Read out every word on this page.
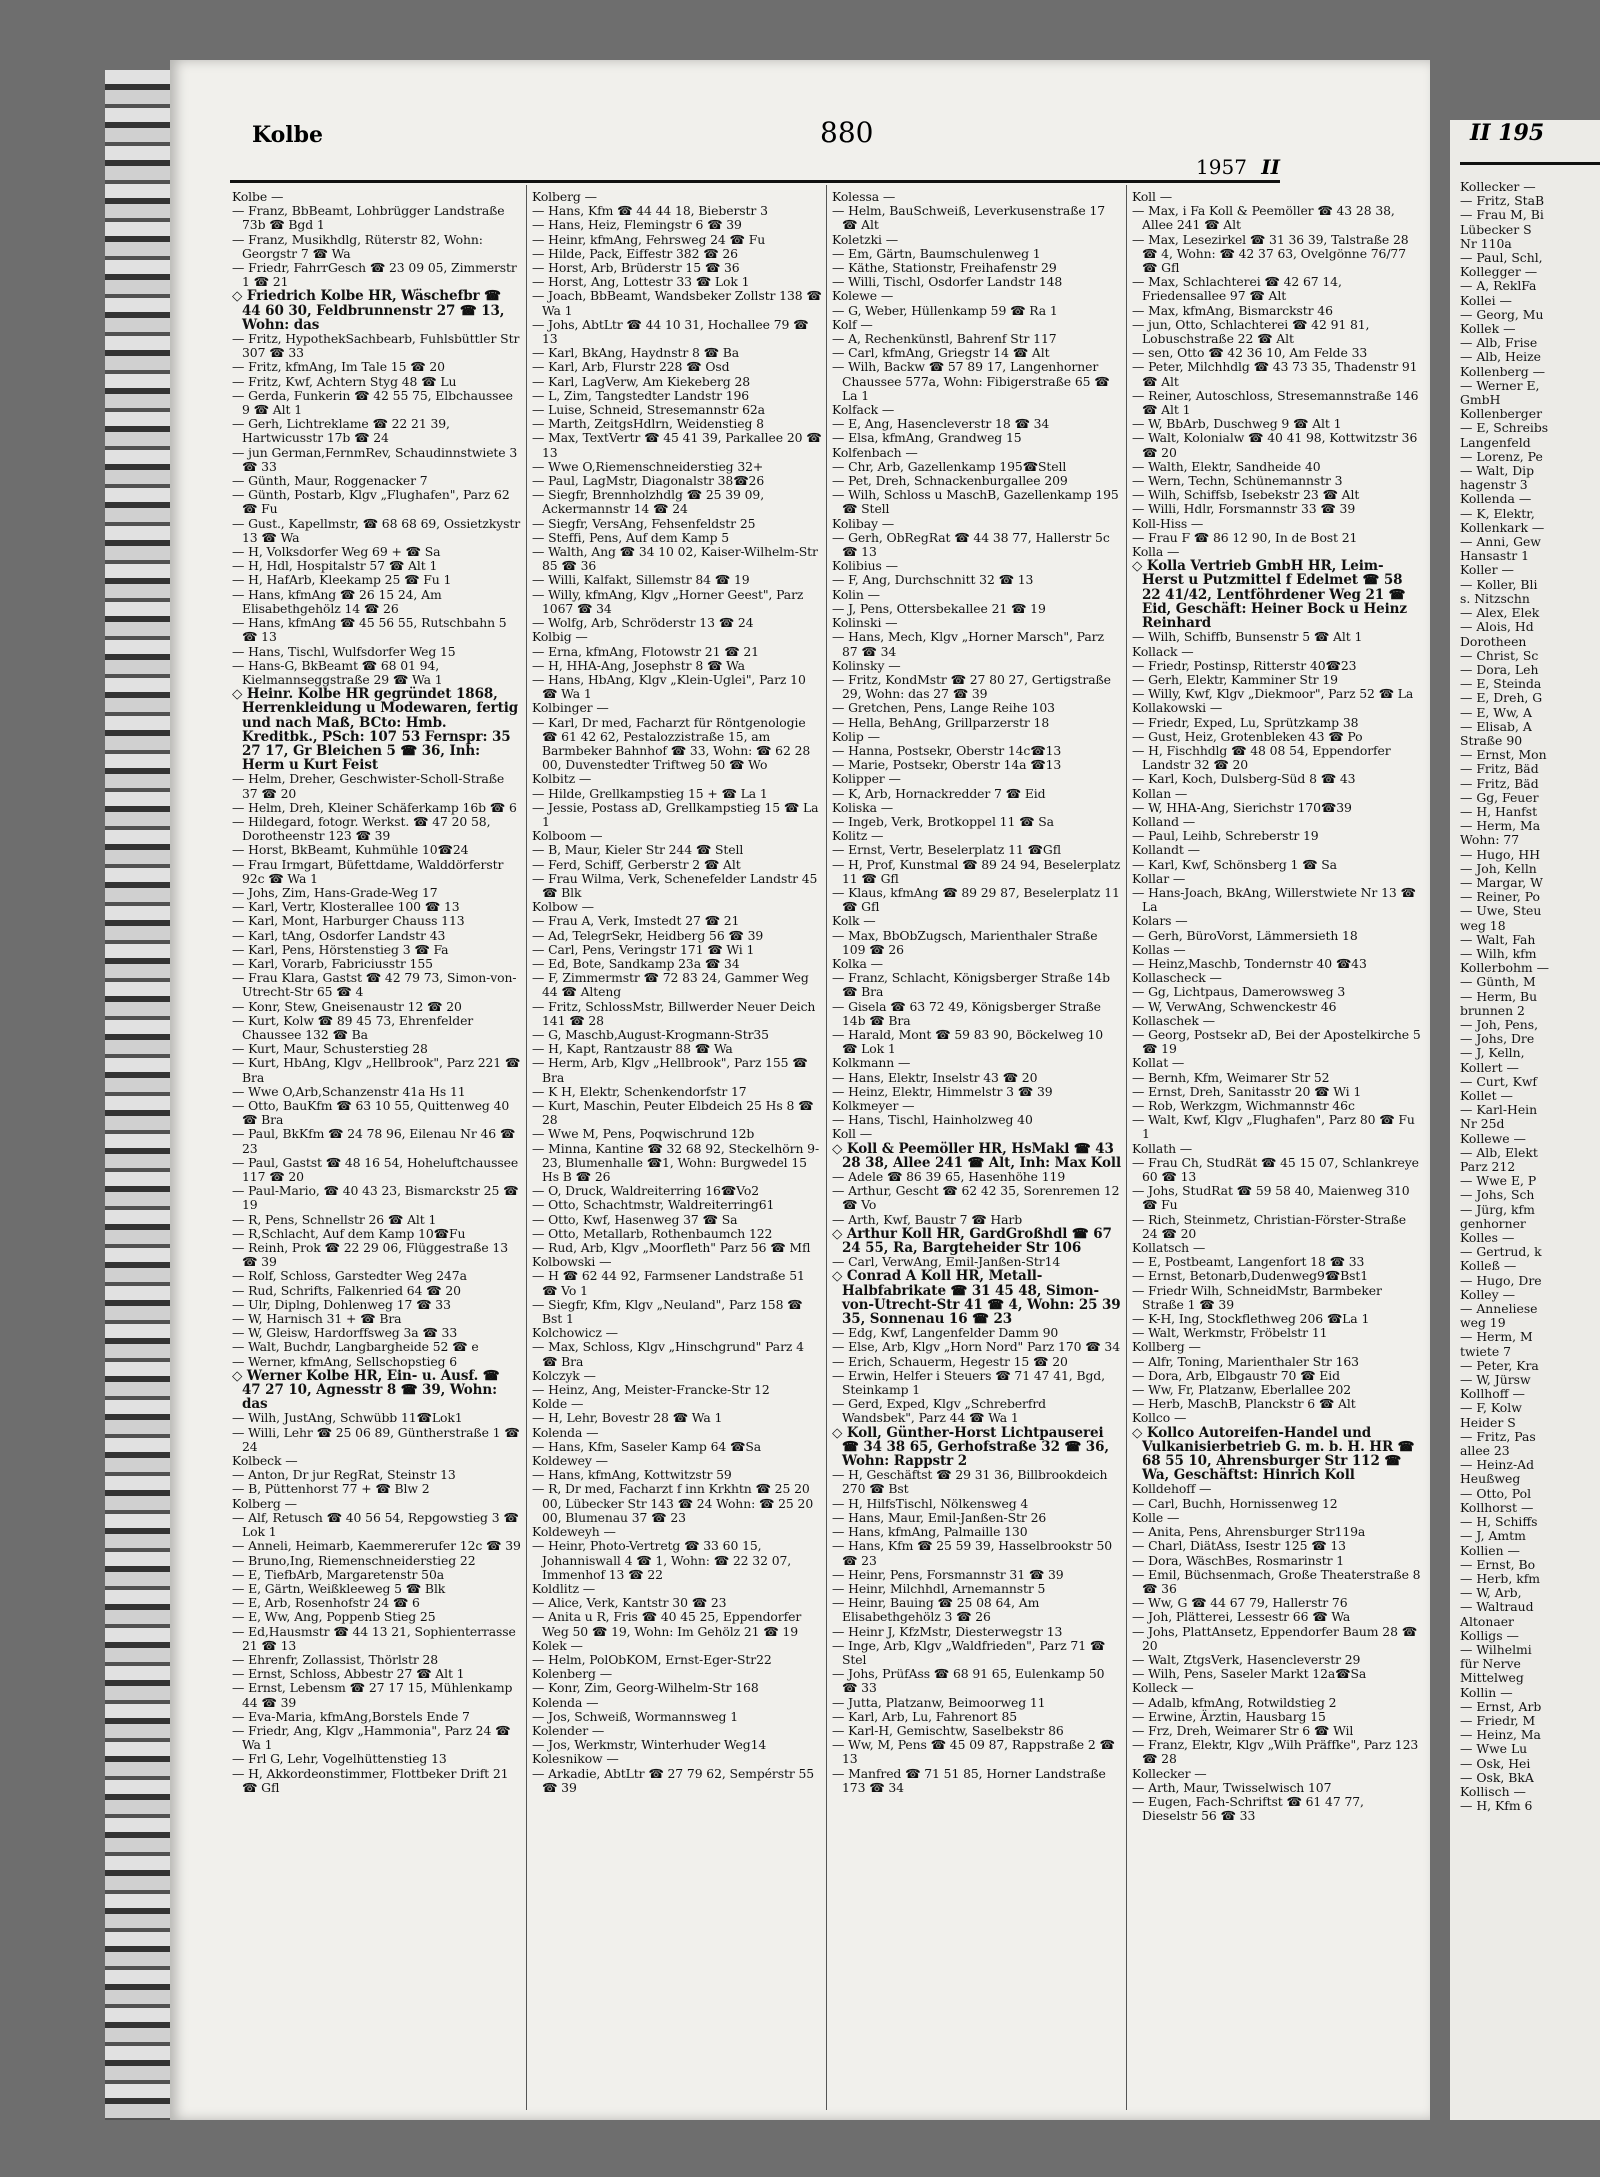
Kolbe	880
1957 II

Kolbe —

— Franz, BbBeamt, Lohbrügger Landstraße 73b ☎ Bgd 1

— Franz, Musikhdlg, Rüterstr 82, Wohn: Georgstr 7 ☎ Wa

— Friedr, FahrrGesch ☎ 23 09 05, Zimmerstr 1 ☎ 21

◇ Friedrich Kolbe HR, Wäschefbr ☎ 44 60 30, Feldbrunnenstr 27 ☎ 13, Wohn: das

— Fritz, HypothekSachbearb, Fuhlsbüttler Str 307 ☎ 33

— Fritz, kfmAng, Im Tale 15 ☎ 20

— Fritz, Kwf, Achtern Styg 48 ☎ Lu

— Gerda, Funkerin ☎ 42 55 75, Elbchaussee 9 ☎ Alt 1

— Gerh, Lichtreklame ☎ 22 21 39, Hartwicusstr 17b ☎ 24

— jun German,FernmRev, Schaudinnstwiete 3 ☎ 33

— Günth, Maur, Roggenacker 7

— Günth, Postarb, Klgv „Flughafen", Parz 62 ☎ Fu

— Gust., Kapellmstr, ☎ 68 68 69, Ossietzkystr 13 ☎ Wa

— H, Volksdorfer Weg 69 + ☎ Sa

— H, Hdl, Hospitalstr 57 ☎ Alt 1

— H, HafArb, Kleekamp 25 ☎ Fu 1

— Hans, kfmAng ☎ 26 15 24, Am Elisabethgehölz 14 ☎ 26

— Hans, kfmAng ☎ 45 56 55, Rutschbahn 5 ☎ 13

— Hans, Tischl, Wulfsdorfer Weg 15

— Hans-G, BkBeamt ☎ 68 01 94, Kielmannseggstraße 29 ☎ Wa 1

◇ Heinr. Kolbe HR gegründet 1868, Herrenkleidung u Modewaren, fertig und nach Maß, BCto: Hmb. Kreditbk., PSch: 107 53 Fernspr: 35 27 17, Gr Bleichen 5 ☎ 36, Inh: Herm u Kurt Feist

— Helm, Dreher, Geschwister-Scholl-Straße 37 ☎ 20

— Helm, Dreh, Kleiner Schäferkamp 16b ☎ 6

— Hildegard, fotogr. Werkst. ☎ 47 20 58, Dorotheenstr 123 ☎ 39

— Horst, BkBeamt, Kuhmühle 10☎24

— Frau Irmgart, Büfettdame, Walddörferstr 92c ☎ Wa 1

— Johs, Zim, Hans-Grade-Weg 17

— Karl, Vertr, Klosterallee 100 ☎ 13

— Karl, Mont, Harburger Chauss 113

— Karl, tAng, Osdorfer Landstr 43

— Karl, Pens, Hörstenstieg 3 ☎ Fa

— Karl, Vorarb, Fabriciusstr 155

— Frau Klara, Gastst ☎ 42 79 73, Simon-von-Utrecht-Str 65 ☎ 4

— Konr, Stew, Gneisenaustr 12 ☎ 20

— Kurt, Kolw ☎ 89 45 73, Ehrenfelder Chaussee 132 ☎ Ba

— Kurt, Maur, Schusterstieg 28

— Kurt, HbAng, Klgv „Hellbrook", Parz 221 ☎ Bra

— Wwe O,Arb,Schanzenstr 41a Hs 11

— Otto, BauKfm ☎ 63 10 55, Quittenweg 40 ☎ Bra

— Paul, BkKfm ☎ 24 78 96, Eilenau Nr 46 ☎ 23

— Paul, Gastst ☎ 48 16 54, Hoheluftchaussee 117 ☎ 20

— Paul-Mario, ☎ 40 43 23, Bismarckstr 25 ☎ 19

— R, Pens, Schnellstr 26 ☎ Alt 1

— R,Schlacht, Auf dem Kamp 10☎Fu

— Reinh, Prok ☎ 22 29 06, Flüggestraße 13 ☎ 39

— Rolf, Schloss, Garstedter Weg 247a

— Rud, Schrifts, Falkenried 64 ☎ 20

— Ulr, Diplng, Dohlenweg 17 ☎ 33

— W, Harnisch 31 + ☎ Bra

— W, Gleisw, Hardorffsweg 3a ☎ 33

— Walt, Buchdr, Langbargheide 52 ☎ e

— Werner, kfmAng, Sellschopstieg 6

◇ Werner Kolbe HR, Ein- u. Ausf. ☎ 47 27 10, Agnesstr 8 ☎ 39, Wohn: das

— Wilh, JustAng, Schwübb 11☎Lok1

— Willi, Lehr ☎ 25 06 89, Güntherstraße 1 ☎ 24

Kolbeck —

— Anton, Dr jur RegRat, Steinstr 13

— B, Püttenhorst 77 + ☎ Blw 2

Kolberg —

— Alf, Retusch ☎ 40 56 54, Repgowstieg 3 ☎ Lok 1

— Anneli, Heimarb, Kaemmererufer 12c ☎ 39

— Bruno,Ing, Riemenschneiderstieg 22

— E, TiefbArb, Margaretenstr 50a

— E, Gärtn, Weißkleeweg 5 ☎ Blk

— E, Arb, Rosenhofstr 24 ☎ 6

— E, Ww, Ang, Poppenb Stieg 25

— Ed,Hausmstr ☎ 44 13 21, Sophienterrasse 21 ☎ 13

— Ehrenfr, Zollassist, Thörlstr 28

— Ernst, Schloss, Abbestr 27 ☎ Alt 1

— Ernst, Lebensm ☎ 27 17 15, Mühlenkamp 44 ☎ 39

— Eva-Maria, kfmAng,Borstels Ende 7

— Friedr, Ang, Klgv „Hammonia", Parz 24 ☎ Wa 1

— Frl G, Lehr, Vogelhüttenstieg 13

— H, Akkordeonstimmer, Flottbeker Drift 21 ☎ Gfl

Kolberg —

— Hans, Kfm ☎ 44 44 18, Bieberstr 3

— Hans, Heiz, Flemingstr 6 ☎ 39

— Heinr, kfmAng, Fehrsweg 24 ☎ Fu

— Hilde, Pack, Eiffestr 382 ☎ 26

— Horst, Arb, Brüderstr 15 ☎ 36

— Horst, Ang, Lottestr 33 ☎ Lok 1

— Joach, BbBeamt, Wandsbeker Zollstr 138 ☎ Wa 1

— Johs, AbtLtr ☎ 44 10 31, Hochallee 79 ☎ 13

— Karl, BkAng, Haydnstr 8 ☎ Ba

— Karl, Arb, Flurstr 228 ☎ Osd

— Karl, LagVerw, Am Kiekeberg 28

— L, Zim, Tangstedter Landstr 196

— Luise, Schneid, Stresemannstr 62a

— Marth, ZeitgsHdlrn, Weidenstieg 8

— Max, TextVertr ☎ 45 41 39, Parkallee 20 ☎ 13

— Wwe O,Riemenschneiderstieg 32+

— Paul, LagMstr, Diagonalstr 38☎26

— Siegfr, Brennholzhdlg ☎ 25 39 09, Ackermannstr 14 ☎ 24

— Siegfr, VersAng, Fehsenfeldstr 25

— Steffi, Pens, Auf dem Kamp 5

— Walth, Ang ☎ 34 10 02, Kaiser-Wilhelm-Str 85 ☎ 36

— Willi, Kalfakt, Sillemstr 84 ☎ 19

— Willy, kfmAng, Klgv „Horner Geest", Parz 1067 ☎ 34

— Wolfg, Arb, Schröderstr 13 ☎ 24

Kolbig —

— Erna, kfmAng, Flotowstr 21 ☎ 21

— H, HHA-Ang, Josephstr 8 ☎ Wa

— Hans, HbAng, Klgv „Klein-Uglei", Parz 10 ☎ Wa 1

Kolbinger —

— Karl, Dr med, Facharzt für Röntgenologie ☎ 61 42 62, Pestalozzistraße 15, am Barmbeker Bahnhof ☎ 33, Wohn: ☎ 62 28 00, Duvenstedter Triftweg 50 ☎ Wo

Kolbitz —

— Hilde, Grellkampstieg 15 + ☎ La 1

— Jessie, Postass aD, Grellkampstieg 15 ☎ La 1

Kolboom —

— B, Maur, Kieler Str 244 ☎ Stell

— Ferd, Schiff, Gerberstr 2 ☎ Alt

— Frau Wilma, Verk, Schenefelder Landstr 45 ☎ Blk

Kolbow —

— Frau A, Verk, Imstedt 27 ☎ 21

— Ad, TelegrSekr, Heidberg 56 ☎ 39

— Carl, Pens, Veringstr 171 ☎ Wi 1

— Ed, Bote, Sandkamp 23a ☎ 34

— F, Zimmermstr ☎ 72 83 24, Gammer Weg 44 ☎ Alteng

— Fritz, SchlossMstr, Billwerder Neuer Deich 141 ☎ 28

— G, Maschb,August-Krogmann-Str35

— H, Kapt, Rantzaustr 88 ☎ Wa

— Herm, Arb, Klgv „Hellbrook", Parz 155 ☎ Bra

— K H, Elektr, Schenkendorfstr 17

— Kurt, Maschin, Peuter Elbdeich 25 Hs 8 ☎ 28

— Wwe M, Pens, Poqwischrund 12b

— Minna, Kantine ☎ 32 68 92, Steckelhörn 9-23, Blumenhalle ☎1, Wohn: Burgwedel 15 Hs B ☎ 26

— O, Druck, Waldreiterring 16☎Vo2

— Otto, Schachtmstr, Waldreiterring61

— Otto, Kwf, Hasenweg 37 ☎ Sa

— Otto, Metallarb, Rothenbaumch 122

— Rud, Arb, Klgv „Moorfleth" Parz 56 ☎ Mfl

Kolbowski —

— H ☎ 62 44 92, Farmsener Landstraße 51 ☎ Vo 1

— Siegfr, Kfm, Klgv „Neuland", Parz 158 ☎ Bst 1

Kolchowicz —

— Max, Schloss, Klgv „Hinschgrund" Parz 4 ☎ Bra

Kolczyk —

— Heinz, Ang, Meister-Francke-Str 12

Kolde —

— H, Lehr, Bovestr 28 ☎ Wa 1

Kolenda —

— Hans, Kfm, Saseler Kamp 64 ☎Sa

Koldewey —

— Hans, kfmAng, Kottwitzstr 59

— R, Dr med, Facharzt f inn Krkhtn ☎ 25 20 00, Lübecker Str 143 ☎ 24 Wohn: ☎ 25 20 00, Blumenau 37 ☎ 23

Koldeweyh —

— Heinr, Photo-Vertretg ☎ 33 60 15, Johanniswall 4 ☎ 1, Wohn: ☎ 22 32 07, Immenhof 13 ☎ 22

Koldlitz —

— Alice, Verk, Kantstr 30 ☎ 23

— Anita u R, Fris ☎ 40 45 25, Eppendorfer Weg 50 ☎ 19, Wohn: Im Gehölz 21 ☎ 19

Kolek —

— Helm, PolObKOM, Ernst-Eger-Str22

Kolenberg —

— Konr, Zim, Georg-Wilhelm-Str 168

Kolenda —

— Jos, Schweiß, Wormannsweg 1

Kolender —

— Jos, Werkmstr, Winterhuder Weg14

Kolesnikow —

— Arkadie, AbtLtr ☎ 27 79 62, Sempérstr 55 ☎ 39

Kolessa —

— Helm, BauSchweiß, Leverkusenstraße 17 ☎ Alt

Koletzki —

— Em, Gärtn, Baumschulenweg 1

— Käthe, Stationstr, Freihafenstr 29

— Willi, Tischl, Osdorfer Landstr 148

Kolewe —

— G, Weber, Hüllenkamp 59 ☎ Ra 1

Kolf —

— A, Rechenkünstl, Bahrenf Str 117

— Carl, kfmAng, Griegstr 14 ☎ Alt

— Wilh, Backw ☎ 57 89 17, Langenhorner Chaussee 577a, Wohn: Fibigerstraße 65 ☎ La 1

Kolfack —

— E, Ang, Hasencleverstr 18 ☎ 34

— Elsa, kfmAng, Grandweg 15

Kolfenbach —

— Chr, Arb, Gazellenkamp 195☎Stell

— Pet, Dreh, Schnackenburgallee 209

— Wilh, Schloss u MaschB, Gazellenkamp 195 ☎ Stell

Kolibay —

— Gerh, ObRegRat ☎ 44 38 77, Hallerstr 5c ☎ 13

Kolibius —

— F, Ang, Durchschnitt 32 ☎ 13

Kolin —

— J, Pens, Ottersbekallee 21 ☎ 19

Kolinski —

— Hans, Mech, Klgv „Horner Marsch", Parz 87 ☎ 34

Kolinsky —

— Fritz, KondMstr ☎ 27 80 27, Gertigstraße 29, Wohn: das 27 ☎ 39

— Gretchen, Pens, Lange Reihe 103

— Hella, BehAng, Grillparzerstr 18

Kolip —

— Hanna, Postsekr, Oberstr 14c☎13

— Marie, Postsekr, Oberstr 14a ☎13

Kolipper —

— K, Arb, Hornackredder 7 ☎ Eid

Koliska —

— Ingeb, Verk, Brotkoppel 11 ☎ Sa

Kolitz —

— Ernst, Vertr, Beselerplatz 11 ☎Gfl

— H, Prof, Kunstmal ☎ 89 24 94, Beselerplatz 11 ☎ Gfl

— Klaus, kfmAng ☎ 89 29 87, Beselerplatz 11 ☎ Gfl

Kolk —

— Max, BbObZugsch, Marienthaler Straße 109 ☎ 26

Kolka —

— Franz, Schlacht, Königsberger Straße 14b ☎ Bra

— Gisela ☎ 63 72 49, Königsberger Straße 14b ☎ Bra

— Harald, Mont ☎ 59 83 90, Böckelweg 10 ☎ Lok 1

Kolkmann —

— Hans, Elektr, Inselstr 43 ☎ 20

— Heinz, Elektr, Himmelstr 3 ☎ 39

Kolkmeyer —

— Hans, Tischl, Hainholzweg 40

Koll —

◇ Koll & Peemöller HR, HsMakl ☎ 43 28 38, Allee 241 ☎ Alt, Inh: Max Koll

— Adele ☎ 86 39 65, Hasenhöhe 119

— Arthur, Gescht ☎ 62 42 35, Sorenremen 12 ☎ Vo

— Arth, Kwf, Baustr 7 ☎ Harb

◇ Arthur Koll HR, GardGroßhdl ☎ 67 24 55, Ra, Bargteheider Str 106

— Carl, VerwAng, Emil-Janßen-Str14

◇ Conrad A Koll HR, Metall-Halbfabrikate ☎ 31 45 48, Simon-von-Utrecht-Str 41 ☎ 4, Wohn: 25 39 35, Sonnenau 16 ☎ 23

— Edg, Kwf, Langenfelder Damm 90

— Else, Arb, Klgv „Horn Nord" Parz 170 ☎ 34

— Erich, Schauerm, Hegestr 15 ☎ 20

— Erwin, Helfer i Steuers ☎ 71 47 41, Bgd, Steinkamp 1

— Gerd, Exped, Klgv „Schreberfrd Wandsbek", Parz 44 ☎ Wa 1

◇ Koll, Günther-Horst Lichtpauserei ☎ 34 38 65, Gerhofstraße 32 ☎ 36, Wohn: Rappstr 2

— H, Geschäftst ☎ 29 31 36, Billbrookdeich 270 ☎ Bst

— H, HilfsTischl, Nölkensweg 4

— Hans, Maur, Emil-Janßen-Str 26

— Hans, kfmAng, Palmaille 130

— Hans, Kfm ☎ 25 59 39, Hasselbrookstr 50 ☎ 23

— Heinr, Pens, Forsmannstr 31 ☎ 39

— Heinr, Milchhdl, Arnemannstr 5

— Heinr, Bauing ☎ 25 08 64, Am Elisabethgehölz 3 ☎ 26

— Heinr J, KfzMstr, Diesterwegstr 13

— Inge, Arb, Klgv „Waldfrieden", Parz 71 ☎ Stel

— Johs, PrüfAss ☎ 68 91 65, Eulenkamp 50 ☎ 33

— Jutta, Platzanw, Beimoorweg 11

— Karl, Arb, Lu, Fahrenort 85

— Karl-H, Gemischtw, Saselbekstr 86

— Ww, M, Pens ☎ 45 09 87, Rappstraße 2 ☎ 13

— Manfred ☎ 71 51 85, Horner Landstraße 173 ☎ 34

Koll —

— Max, i Fa Koll & Peemöller ☎ 43 28 38, Allee 241 ☎ Alt

— Max, Lesezirkel ☎ 31 36 39, Talstraße 28 ☎ 4, Wohn: ☎ 42 37 63, Ovelgönne 76/77 ☎ Gfl

— Max, Schlachterei ☎ 42 67 14, Friedensallee 97 ☎ Alt

— Max, kfmAng, Bismarckstr 46

— jun, Otto, Schlachterei ☎ 42 91 81, Lobuschstraße 22 ☎ Alt

— sen, Otto ☎ 42 36 10, Am Felde 33

— Peter, Milchhdlg ☎ 43 73 35, Thadenstr 91 ☎ Alt

— Reiner, Autoschloss, Stresemannstraße 146 ☎ Alt 1

— W, BbArb, Duschweg 9 ☎ Alt 1

— Walt, Kolonialw ☎ 40 41 98, Kottwitzstr 36 ☎ 20

— Walth, Elektr, Sandheide 40

— Wern, Techn, Schünemannstr 3

— Wilh, Schiffsb, Isebekstr 23 ☎ Alt

— Willi, Hdlr, Forsmannstr 33 ☎ 39

Koll-Hiss —

— Frau F ☎ 86 12 90, In de Bost 21

Kolla —

◇ Kolla Vertrieb GmbH HR, Leim-Herst u Putzmittel f Edelmet ☎ 58 22 41/42, Lentföhrdener Weg 21 ☎ Eid, Geschäft: Heiner Bock u Heinz Reinhard

— Wilh, Schiffb, Bunsenstr 5 ☎ Alt 1

Kollack —

— Friedr, Postinsp, Ritterstr 40☎23

— Gerh, Elektr, Kamminer Str 19

— Willy, Kwf, Klgv „Diekmoor", Parz 52 ☎ La

Kollakowski —

— Friedr, Exped, Lu, Sprützkamp 38

— Gust, Heiz, Grotenbleken 43 ☎ Po

— H, Fischhdlg ☎ 48 08 54, Eppendorfer Landstr 32 ☎ 20

— Karl, Koch, Dulsberg-Süd 8 ☎ 43

Kollan —

— W, HHA-Ang, Sierichstr 170☎39

Kolland —

— Paul, Leihb, Schreberstr 19

Kollandt —

— Karl, Kwf, Schönsberg 1 ☎ Sa

Kollar —

— Hans-Joach, BkAng, Willerstwiete Nr 13 ☎ La

Kolars —

— Gerh, BüroVorst, Lämmersieth 18

Kollas —

— Heinz,Maschb, Tondernstr 40 ☎43

Kollascheck —

— Gg, Lichtpaus, Damerowsweg 3

— W, VerwAng, Schwenckestr 46

Kollaschek —

— Georg, Postsekr aD, Bei der Apostelkirche 5 ☎ 19

Kollat —

— Bernh, Kfm, Weimarer Str 52

— Ernst, Dreh, Sanitasstr 20 ☎ Wi 1

— Rob, Werkzgm, Wichmannstr 46c

— Walt, Kwf, Klgv „Flughafen", Parz 80 ☎ Fu 1

Kollath —

— Frau Ch, StudRät ☎ 45 15 07, Schlankreye 60 ☎ 13

— Johs, StudRat ☎ 59 58 40, Maienweg 310 ☎ Fu

— Rich, Steinmetz, Christian-Förster-Straße 24 ☎ 20

Kollatsch —

— E, Postbeamt, Langenfort 18 ☎ 33

— Ernst, Betonarb,Dudenweg9☎Bst1

— Friedr Wilh, SchneidMstr, Barmbeker Straße 1 ☎ 39

— K-H, Ing, Stockflethweg 206 ☎La 1

— Walt, Werkmstr, Fröbelstr 11

Kollberg —

— Alfr, Toning, Marienthaler Str 163

— Dora, Arb, Elbgaustr 70 ☎ Eid

— Ww, Fr, Platzanw, Eberlallee 202

— Herb, MaschB, Planckstr 6 ☎ Alt

Kollco —

◇ Kollco Autoreifen-Handel und Vulkanisierbetrieb G. m. b. H. HR ☎ 68 55 10, Ahrensburger Str 112 ☎ Wa, Geschäftst: Hinrich Koll

Kolldehoff —

— Carl, Buchh, Hornissenweg 12

Kolle —

— Anita, Pens, Ahrensburger Str119a

— Charl, DiätAss, Isestr 125 ☎ 13

— Dora, WäschBes, Rosmarinstr 1

— Emil, Büchsenmach, Große Theaterstraße 8 ☎ 36

— Ww, G ☎ 44 67 79, Hallerstr 76

— Joh, Plätterei, Lessestr 66 ☎ Wa

— Johs, PlattAnsetz, Eppendorfer Baum 28 ☎ 20

— Walt, ZtgsVerk, Hasencleverstr 29

— Wilh, Pens, Saseler Markt 12a☎Sa

Kolleck —

— Adalb, kfmAng, Rotwildstieg 2

— Erwine, Ärztin, Hausbarg 15

— Frz, Dreh, Weimarer Str 6 ☎ Wil

— Franz, Elektr, Klgv „Wilh Präffke", Parz 123 ☎ 28

Kollecker —

— Arth, Maur, Twisselwisch 107

— Eugen, Fach-Schriftst ☎ 61 47 77, Dieselstr 56 ☎ 33

II 195

Kollecker —

— Fritz, StaB

— Frau M, Bi

Lübecker S

Nr 110a

— Paul, Schl,

Kollegger —

— A, ReklFa

Kollei —

— Georg, Mu

Kollek —

— Alb, Frise

— Alb, Heize

Kollenberg —

— Werner E,

GmbH

Kollenberger

— E, Schreibs

Langenfeld

— Lorenz, Pe

— Walt, Dip

hagenstr 3

Kollenda —

— K, Elektr,

Kollenkark —

— Anni, Gew

Hansastr 1

Koller —

— Koller, Bli

s. Nitzschn

— Alex, Elek

— Alois, Hd

Dorotheen

— Christ, Sc

— Dora, Leh

— E, Steinda

— E, Dreh, G

— E, Ww, A

— Elisab, A

Straße 90

— Ernst, Mon

— Fritz, Bäd

— Fritz, Bäd

— Gg, Feuer

— H, Hanfst

— Herm, Ma

Wohn: 77

— Hugo, HH

— Joh, Kelln

— Margar, W

— Reiner, Po

— Uwe, Steu

weg 18

— Walt, Fah

— Wilh, kfm

Kollerbohm —

— Günth, M

— Herm, Bu

brunnen 2

— Joh, Pens,

— Johs, Dre

— J, Kelln,

Kollert —

— Curt, Kwf

Kollet —

— Karl-Hein

Nr 25d

Kollewe —

— Alb, Elekt

Parz 212

— Wwe E, P

— Johs, Sch

— Jürg, kfm

genhorner

Kolles —

— Gertrud, k

Kolleß —

— Hugo, Dre

Kolley —

— Anneliese

weg 19

— Herm, M

twiete 7

— Peter, Kra

— W, Jürsw

Kollhoff —

— F, Kolw

Heider S

— Fritz, Pas

allee 23

— Heinz-Ad

Heußweg

— Otto, Pol

Kollhorst —

— H, Schiffs

— J, Amtm

Kollien —

— Ernst, Bo

— Herb, kfm

— W, Arb,

— Waltraud

Altonaer

Kolligs —

— Wilhelmi

für Nerve

Mittelweg

Kollin —

— Ernst, Arb

— Friedr, M

— Heinz, Ma

— Wwe Lu

— Osk, Hei

— Osk, BkA

Kollisch —

— H, Kfm 6
